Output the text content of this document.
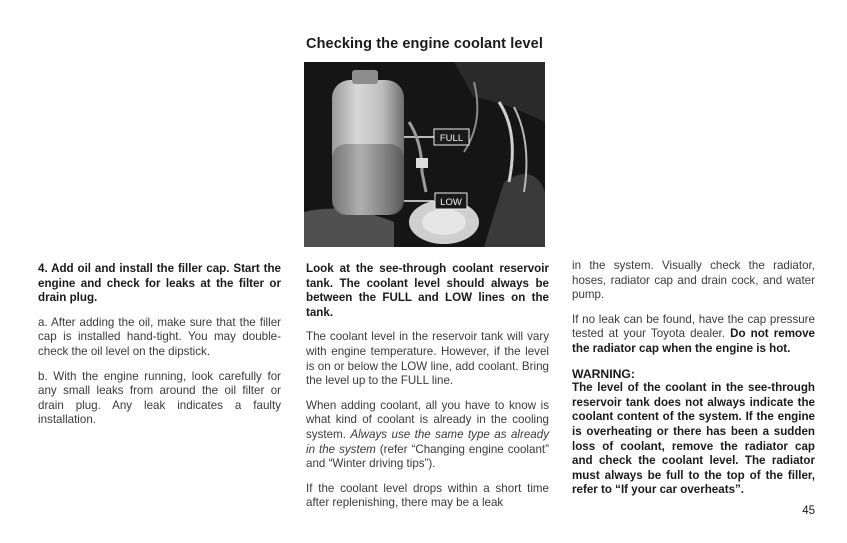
Checking the engine coolant level
FULL
LOW

4. Add oil and install the filler cap. Start the engine and check for leaks at the filter or drain plug.

a. After adding the oil, make sure that the filler cap is installed hand-tight. You may double-check the oil level on the dipstick.

b. With the engine running, look carefully for any small leaks from around the oil filter or drain plug. Any leak indicates a faulty installation.

Look at the see-through coolant reservoir tank. The coolant level should always be between the FULL and LOW lines on the tank.

The coolant level in the reservoir tank will vary with engine temperature. However, if the level is on or below the LOW line, add coolant. Bring the level up to the FULL line.

When adding coolant, all you have to know is what kind of coolant is already in the cooling system. Always use the same type as already in the system (refer “Changing engine coolant” and “Winter driving tips”).

If the coolant level drops within a short time after replenishing, there may be a leak

in the system. Visually check the radiator, hoses, radiator cap and drain cock, and water pump.

If no leak can be found, have the cap pressure tested at your Toyota dealer. Do not remove the radiator cap when the engine is hot.

WARNING:

The level of the coolant in the see-through reservoir tank does not always indicate the coolant content of the system. If the engine is overheating or there has been a sudden loss of coolant, remove the radiator cap and check the coolant level. The radiator must always be full to the top of the filler, refer to “If your car overheats”.

45
